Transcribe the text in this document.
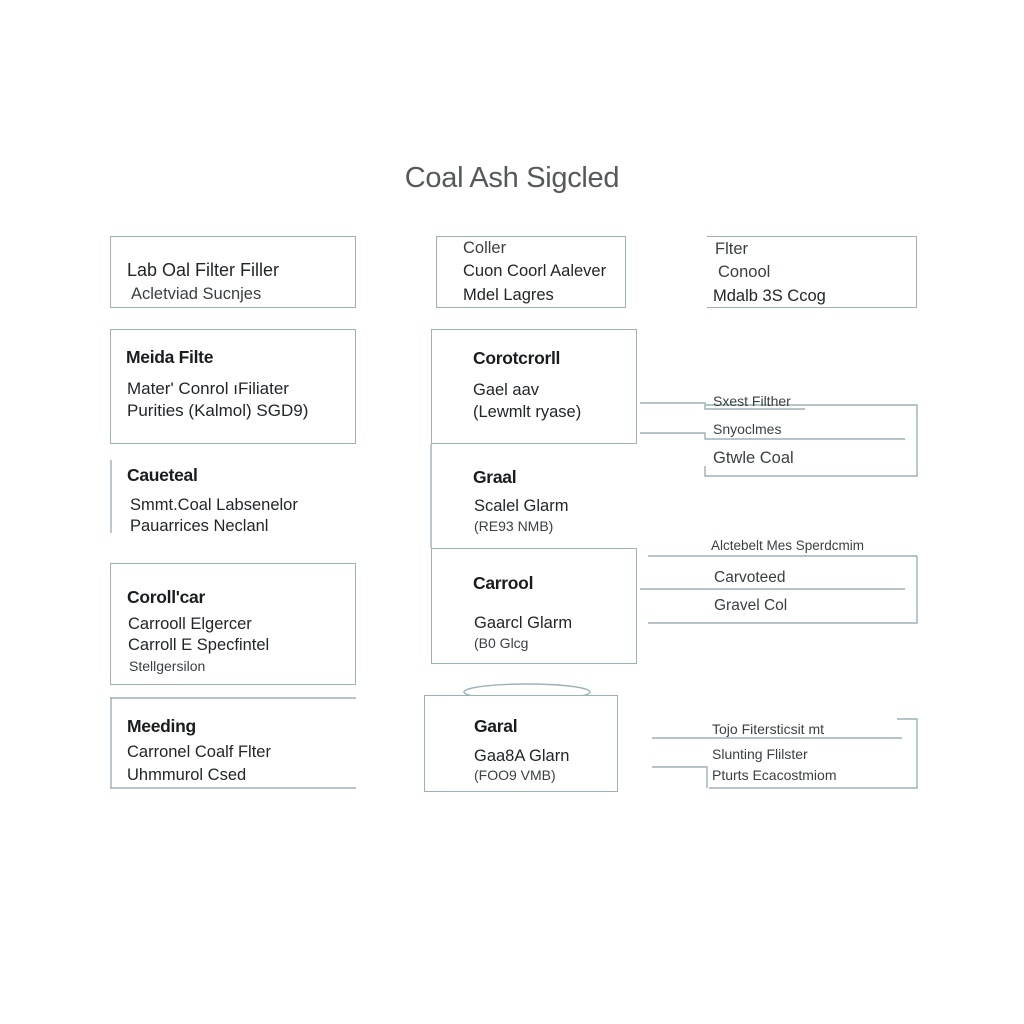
Coal Ash Sigcled
Lab Oal Filter Filler
Acletviad Sucnjes
Meida Filte
Mater' Conrol ıFiliater
Purities (Kalmol) SGD9)
Caueteal
Smmt.Coal Labsenelor
Pauarrices Neclanl
Coroll'car
Carrooll Elgercer
Carroll E Specfintel
Stellgersilon
Meeding
Carronel Coalf Flter
Uhmmurol Csed
Coller
Cuon Coorl Aalever
Mdel Lagres
Corotcrorll
Gael aav
(Lewmlt ryase)
Graal
Scalel Glarm
(RE93 NMB)
Carrool
Gaarcl Glarm
(B0 Glcg
Garal
Gaa8A Glarn
(FOO9 VMB)
Flter
Conool
Mdalb 3S Ccog
Sxest Filther
Snyoclmes
Gtwle Coal
Alctebelt Mes Sperdcmim
Carvoteed
Gravel Col
Tojo Fitersticsit mt
Slunting Flilster
Pturts Ecacostmiom
